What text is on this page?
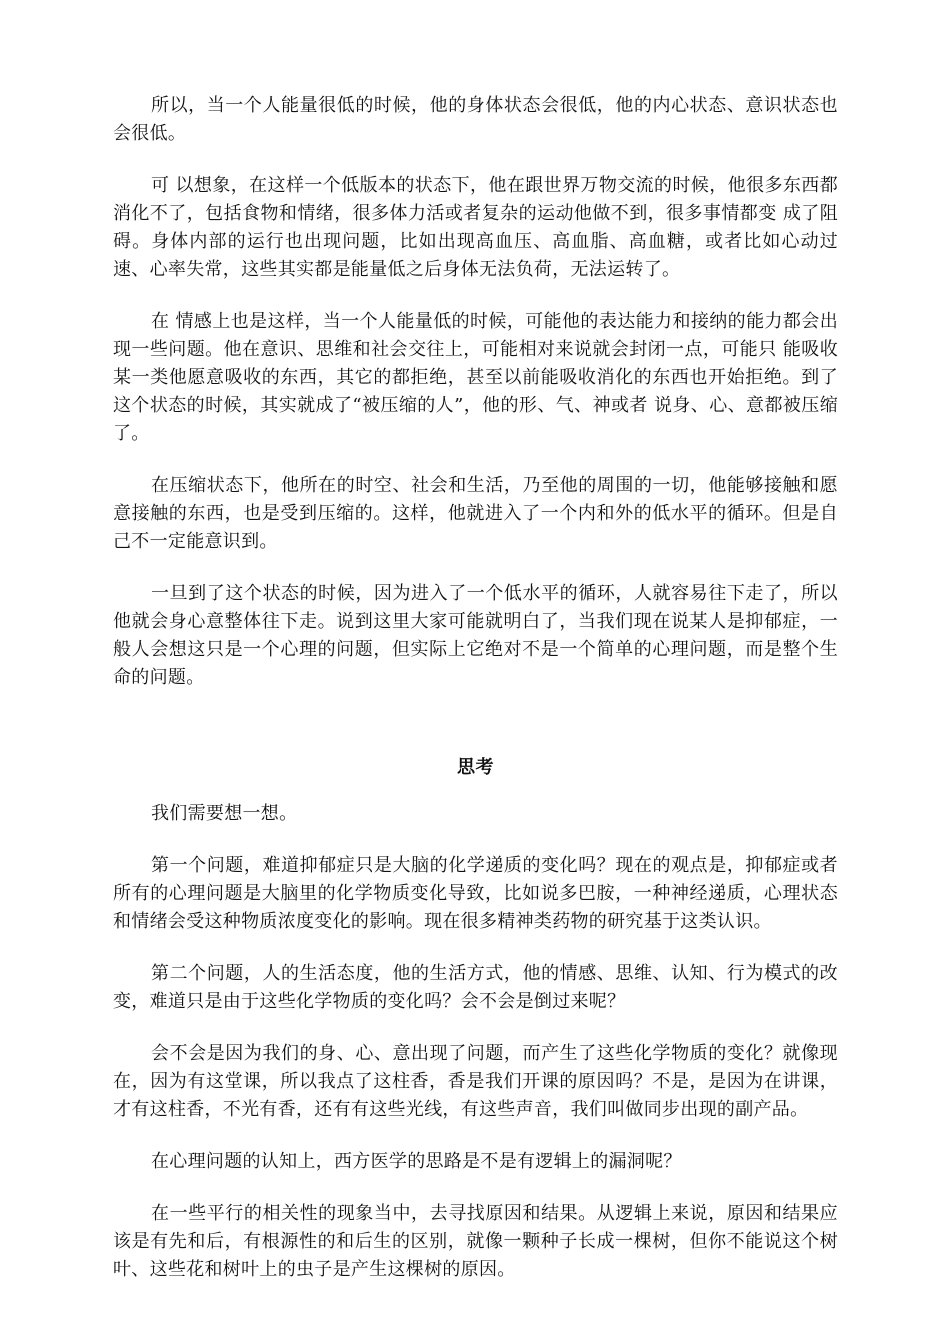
所以，当一个人能量很低的时候，他的身体状态会很低，他的内心状态、意识状态也会很低。

可 以想象，在这样一个低版本的状态下，他在跟世界万物交流的时候，他很多东西都消化不了，包括食物和情绪，很多体力活或者复杂的运动他做不到，很多事情都变 成了阻碍。身体内部的运行也出现问题，比如出现高血压、高血脂、高血糖，或者比如心动过速、心率失常，这些其实都是能量低之后身体无法负荷，无法运转了。

在 情感上也是这样，当一个人能量低的时候，可能他的表达能力和接纳的能力都会出现一些问题。他在意识、思维和社会交往上，可能相对来说就会封闭一点，可能只 能吸收某一类他愿意吸收的东西，其它的都拒绝，甚至以前能吸收消化的东西也开始拒绝。到了这个状态的时候，其实就成了“被压缩的人”，他的形、气、神或者 说身、心、意都被压缩了。

在压缩状态下，他所在的时空、社会和生活，乃至他的周围的一切，他能够接触和愿意接触的东西，也是受到压缩的。这样，他就进入了一个内和外的低水平的循环。但是自己不一定能意识到。

一旦到了这个状态的时候，因为进入了一个低水平的循环，人就容易往下走了，所以他就会身心意整体往下走。说到这里大家可能就明白了，当我们现在说某人是抑郁症，一般人会想这只是一个心理的问题，但实际上它绝对不是一个简单的心理问题，而是整个生命的问题。

思考

我们需要想一想。

第一个问题，难道抑郁症只是大脑的化学递质的变化吗？现在的观点是，抑郁症或者所有的心理问题是大脑里的化学物质变化导致，比如说多巴胺，一种神经递质，心理状态和情绪会受这种物质浓度变化的影响。现在很多精神类药物的研究基于这类认识。

第二个问题，人的生活态度，他的生活方式，他的情感、思维、认知、行为模式的改变，难道只是由于这些化学物质的变化吗？会不会是倒过来呢？

会不会是因为我们的身、心、意出现了问题，而产生了这些化学物质的变化？就像现在，因为有这堂课，所以我点了这柱香，香是我们开课的原因吗？不是，是因为在讲课，才有这柱香，不光有香，还有有这些光线，有这些声音，我们叫做同步出现的副产品。

在心理问题的认知上，西方医学的思路是不是有逻辑上的漏洞呢？

在一些平行的相关性的现象当中，去寻找原因和结果。从逻辑上来说，原因和结果应该是有先和后，有根源性的和后生的区别，就像一颗种子长成一棵树，但你不能说这个树叶、这些花和树叶上的虫子是产生这棵树的原因。
